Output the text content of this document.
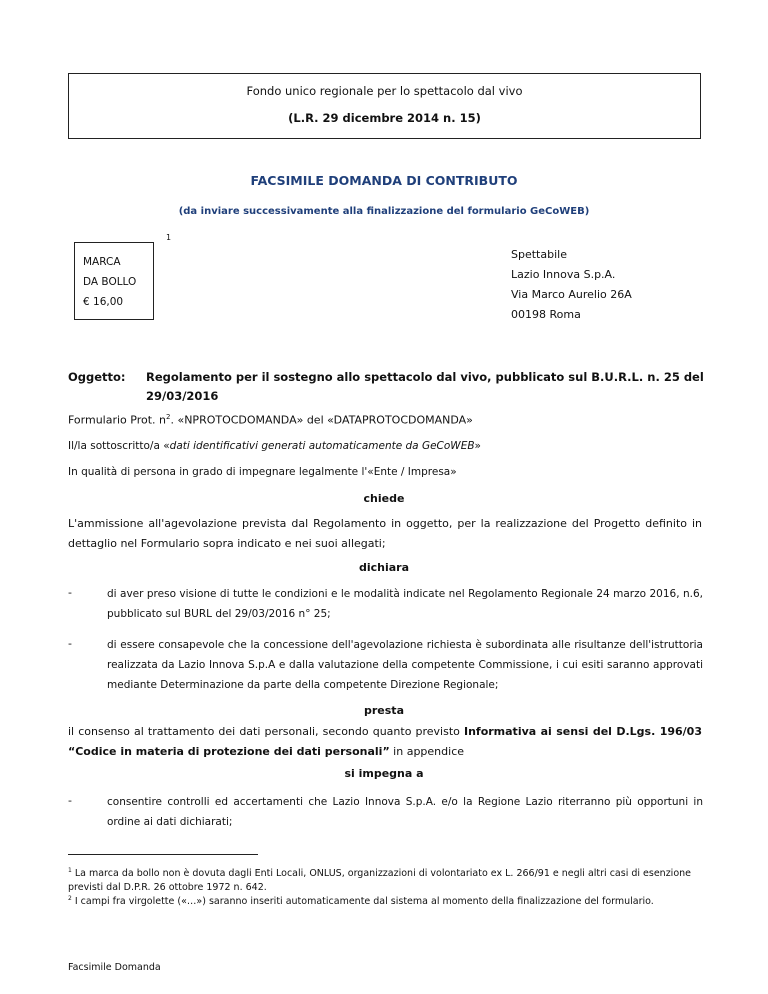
Fondo unico regionale per lo spettacolo dal vivo
(L.R. 29 dicembre 2014 n. 15)
FACSIMILE DOMANDA DI CONTRIBUTO
(da inviare successivamente alla finalizzazione del formulario GeCoWEB)
1
MARCA
DA BOLLO
€ 16,00
Spettabile
Lazio Innova S.p.A.
Via Marco Aurelio 26A
00198 Roma
Oggetto: Regolamento per il sostegno allo spettacolo dal vivo, pubblicato sul B.U.R.L. n. 25 del 29/03/2016
Formulario Prot. $n^2$. «NPROTOCDOMANDA» del «DATAPROTOCDOMANDA»
Il/la sottoscritto/a «dati identificativi generati automaticamente da GeCoWEB»
In qualità di persona in grado di impegnare legalmente l'«Ente / Impresa»
chiede
L'ammissione all'agevolazione prevista dal Regolamento in oggetto, per la realizzazione del Progetto definito in dettaglio nel Formulario sopra indicato e nei suoi allegati;
dichiara
-	di aver preso visione di tutte le condizioni e le modalità indicate nel Regolamento Regionale 24 marzo 2016, n.6, pubblicato sul BURL del 29/03/2016 n° 25;
-	di essere consapevole che la concessione dell'agevolazione richiesta è subordinata alle risultanze dell'istruttoria realizzata da Lazio Innova S.p.A e dalla valutazione della competente Commissione, i cui esiti saranno approvati mediante Determinazione da parte della competente Direzione Regionale;
presta
il consenso al trattamento dei dati personali, secondo quanto previsto Informativa ai sensi del D.Lgs. 196/03 “Codice in materia di protezione dei dati personali” in appendice
si impegna a
-	consentire controlli ed accertamenti che Lazio Innova S.p.A. e/o la Regione Lazio riterranno più opportuni in ordine ai dati dichiarati;
$^1$ La marca da bollo non è dovuta dagli Enti Locali, ONLUS, organizzazioni di volontariato ex L. 266/91 e negli altri casi di esenzione previsti dal D.P.R. 26 ottobre 1972 n. 642.
$^2$ I campi fra virgolette («…») saranno inseriti automaticamente dal sistema al momento della finalizzazione del formulario.
Facsimile Domanda
